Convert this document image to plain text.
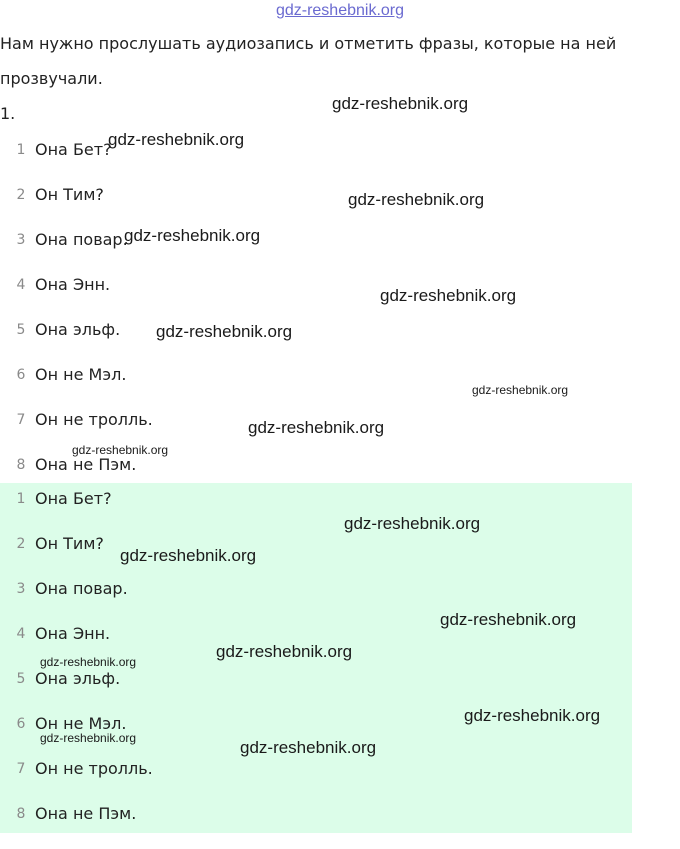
gdz-reshebnik.org
Нам нужно прослушать аудиозапись и отметить фразы, которые на ней прозвучали.
1.
1 Она Бет?
2 Он Тим?
3 Она повар.
4 Она Энн.
5 Она эльф.
6 Он не Мэл.
7 Он не тролль.
8 Она не Пэм.
1 Она Бет?
2 Он Тим?
3 Она повар.
4 Она Энн.
5 Она эльф.
6 Он не Мэл.
7 Он не тролль.
8 Она не Пэм.
gdz-reshebnik.org
gdz-reshebnik.org
gdz-reshebnik.org
gdz-reshebnik.org
gdz-reshebnik.org
gdz-reshebnik.org
gdz-reshebnik.org
gdz-reshebnik.org
gdz-reshebnik.org
gdz-reshebnik.org
gdz-reshebnik.org
gdz-reshebnik.org
gdz-reshebnik.org
gdz-reshebnik.org
gdz-reshebnik.org
gdz-reshebnik.org	gdz-reshebnik.org
